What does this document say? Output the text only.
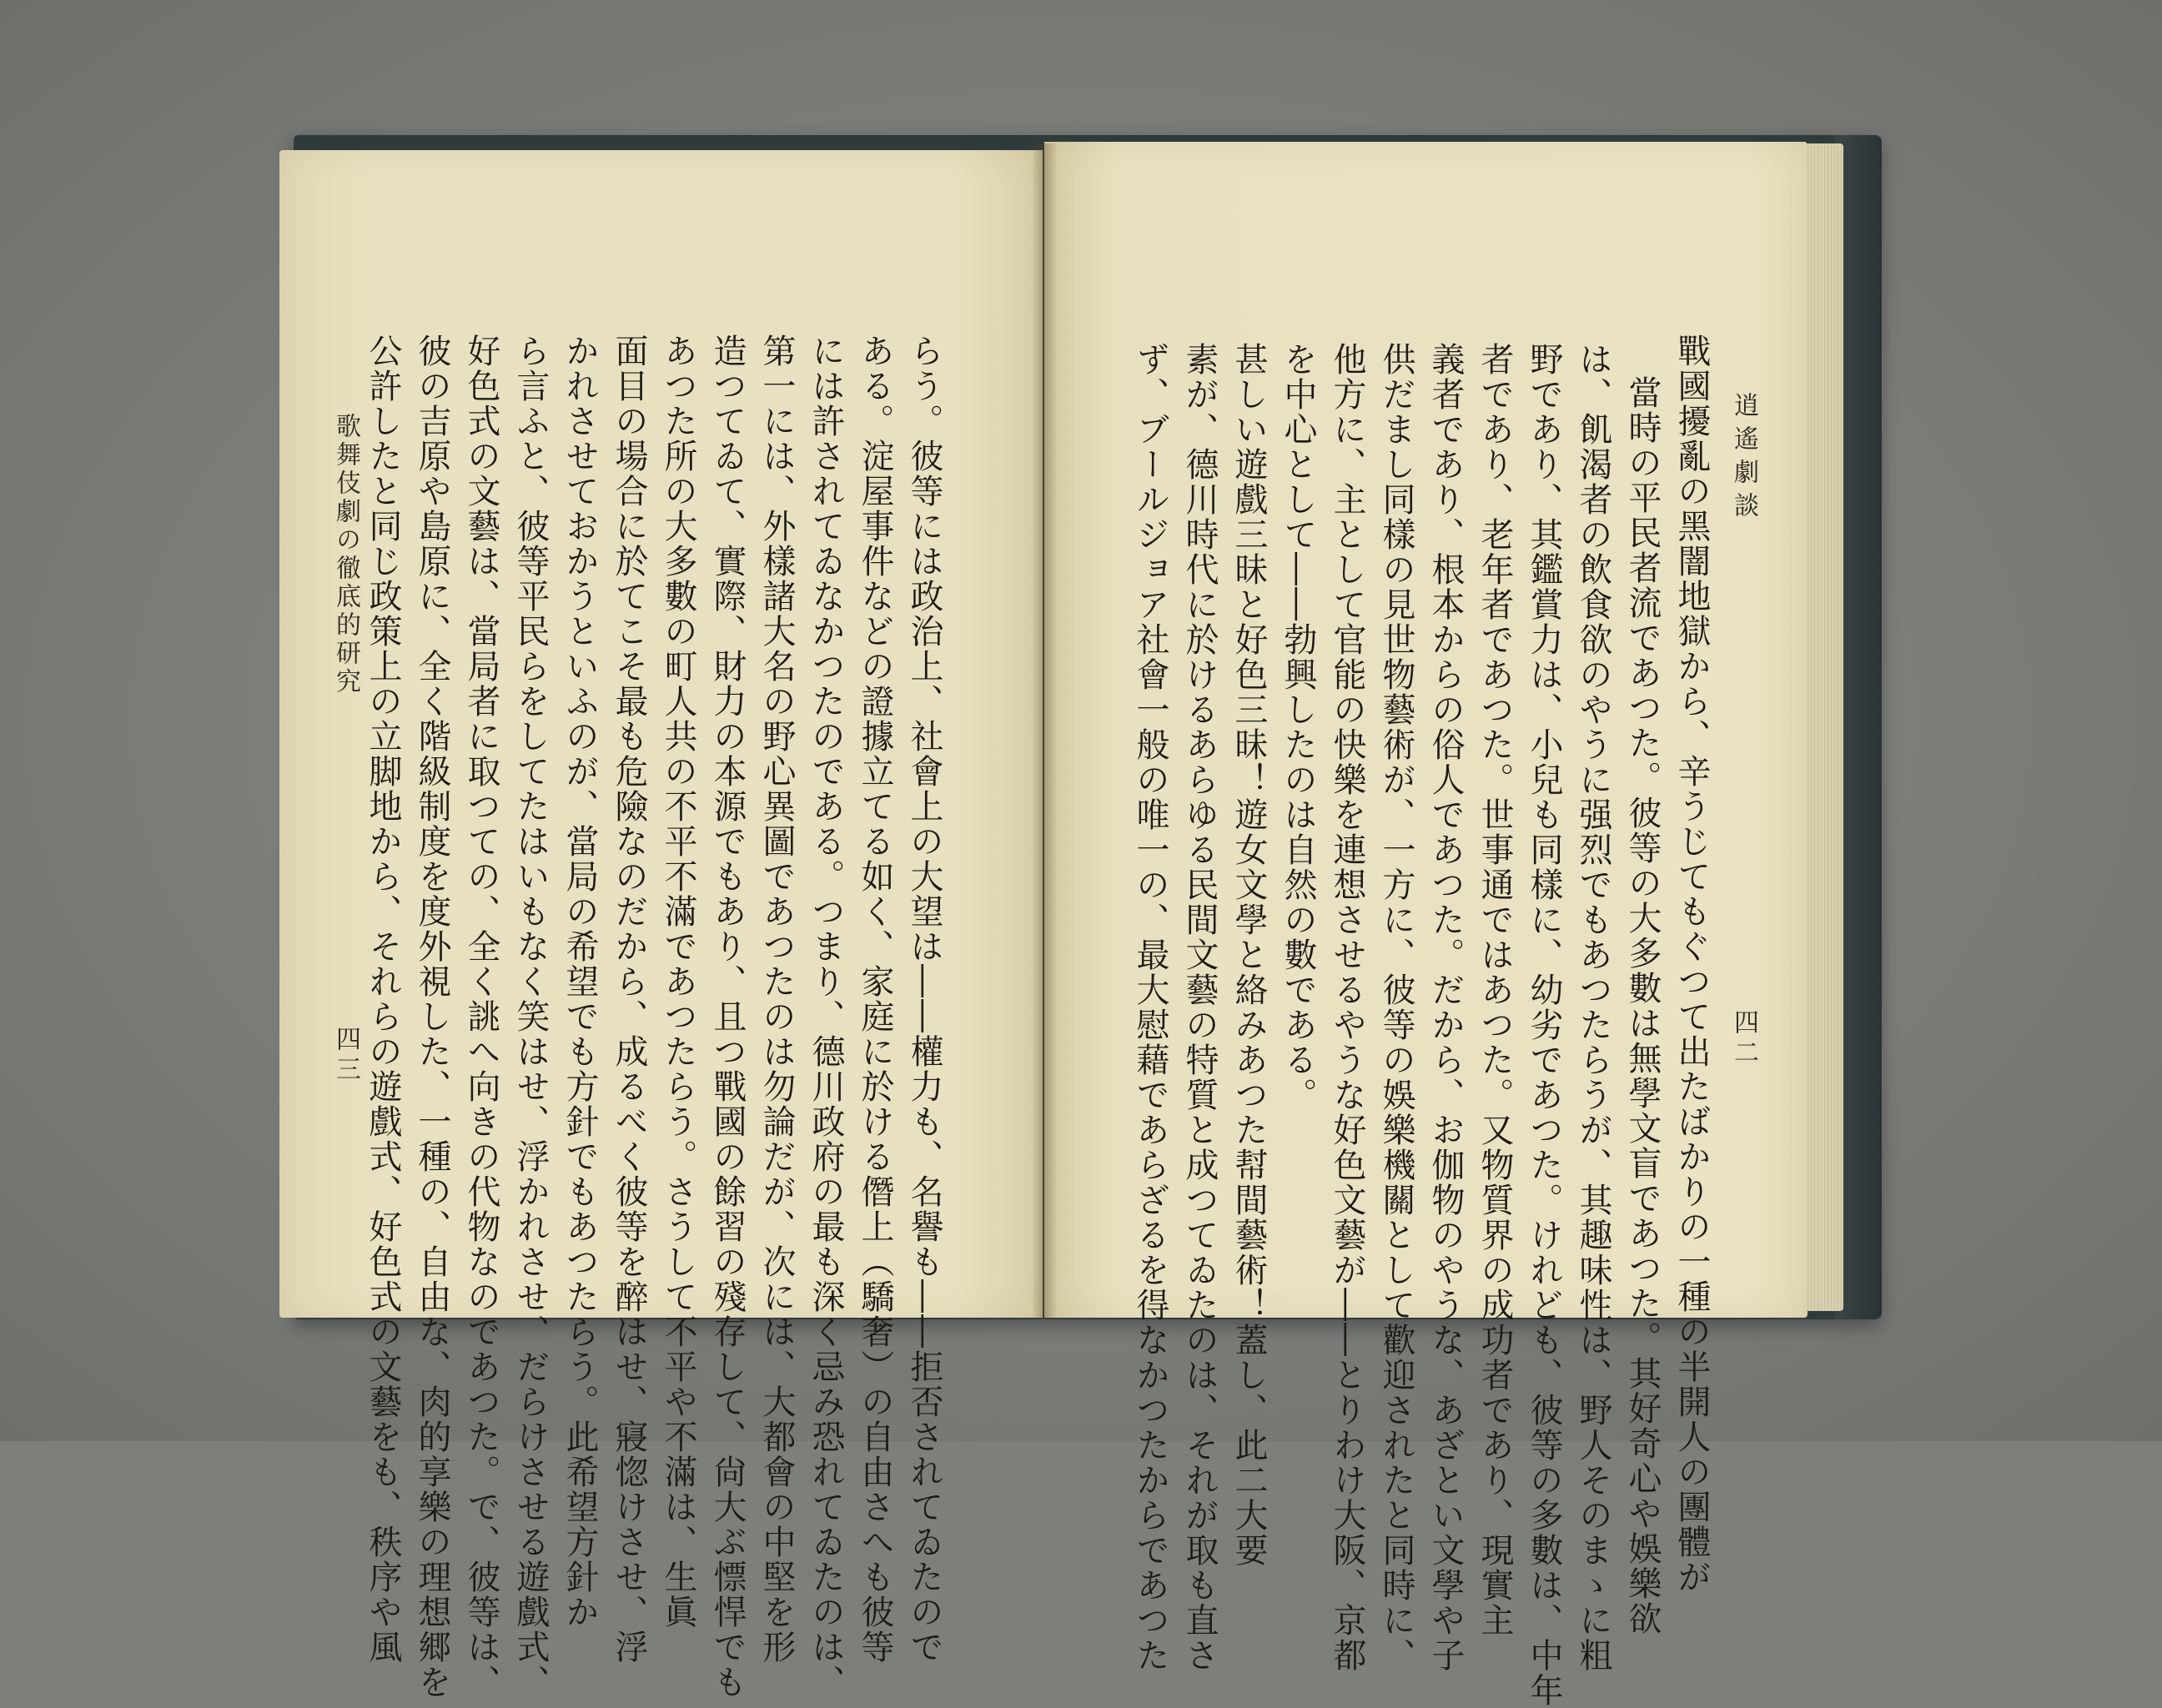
逍遙劇談
四二
戰國擾亂の黑闇地獄から、辛うじてもぐつて出たばかりの一種の半開人の團體が
當時の平民者流であつた。彼等の大多數は無學文盲であつた。其好奇心や娛樂欲
は、飢渴者の飲食欲のやうに强烈でもあつたらうが、其趣味性は、野人そのまゝに粗
野であり、其鑑賞力は、小兒も同樣に、幼劣であつた。けれども、彼等の多數は、中年
者であり、老年者であつた。世事通ではあつた。又物質界の成功者であり、現實主
義者であり、根本からの俗人であつた。だから、お伽物のやうな、あざとい文學や子
供だまし同樣の見世物藝術が、一方に、彼等の娛樂機關として歡迎されたと同時に、
他方に、主として官能の快樂を連想させるやうな好色文藝が――とりわけ大阪、京都
を中心として――勃興したのは自然の數である。
甚しい遊戲三昧と好色三昧！遊女文學と絡みあつた幇間藝術！蓋し、此二大要
素が、德川時代に於けるあらゆる民間文藝の特質と成つてゐたのは、それが取も直さ
ず、ブールジョア社會一般の唯一の、最大慰藉であらざるを得なかつたからであつた
らう。彼等には政治上、社會上の大望は――權力も、名譽も――拒否されてゐたので
ある。淀屋事件などの證據立てる如く、家庭に於ける僭上（驕奢）の自由さへも彼等
には許されてゐなかつたのである。つまり、德川政府の最も深く忌み恐れてゐたのは、
第一には、外樣諸大名の野心異圖であつたのは勿論だが、次には、大都會の中堅を形
造つてゐて、實際、財力の本源でもあり、且つ戰國の餘習の殘存して、尙大ぶ慓悍でも
あつた所の大多數の町人共の不平不滿であつたらう。さうして不平や不滿は、生眞
面目の場合に於てこそ最も危險なのだから、成るべく彼等を醉はせ、寢惚けさせ、浮
かれさせておかうといふのが、當局の希望でも方針でもあつたらう。此希望方針か
ら言ふと、彼等平民らをしてたはいもなく笑はせ、浮かれさせ、だらけさせる遊戲式、
好色式の文藝は、當局者に取つての、全く誂へ向きの代物なのであつた。で、彼等は、
彼の吉原や島原に、全く階級制度を度外視した、一種の、自由な、肉的享樂の理想郷を
公許したと同じ政策上の立脚地から、それらの遊戲式、好色式の文藝をも、秩序や風
歌舞伎劇の徹底的研究
四三
